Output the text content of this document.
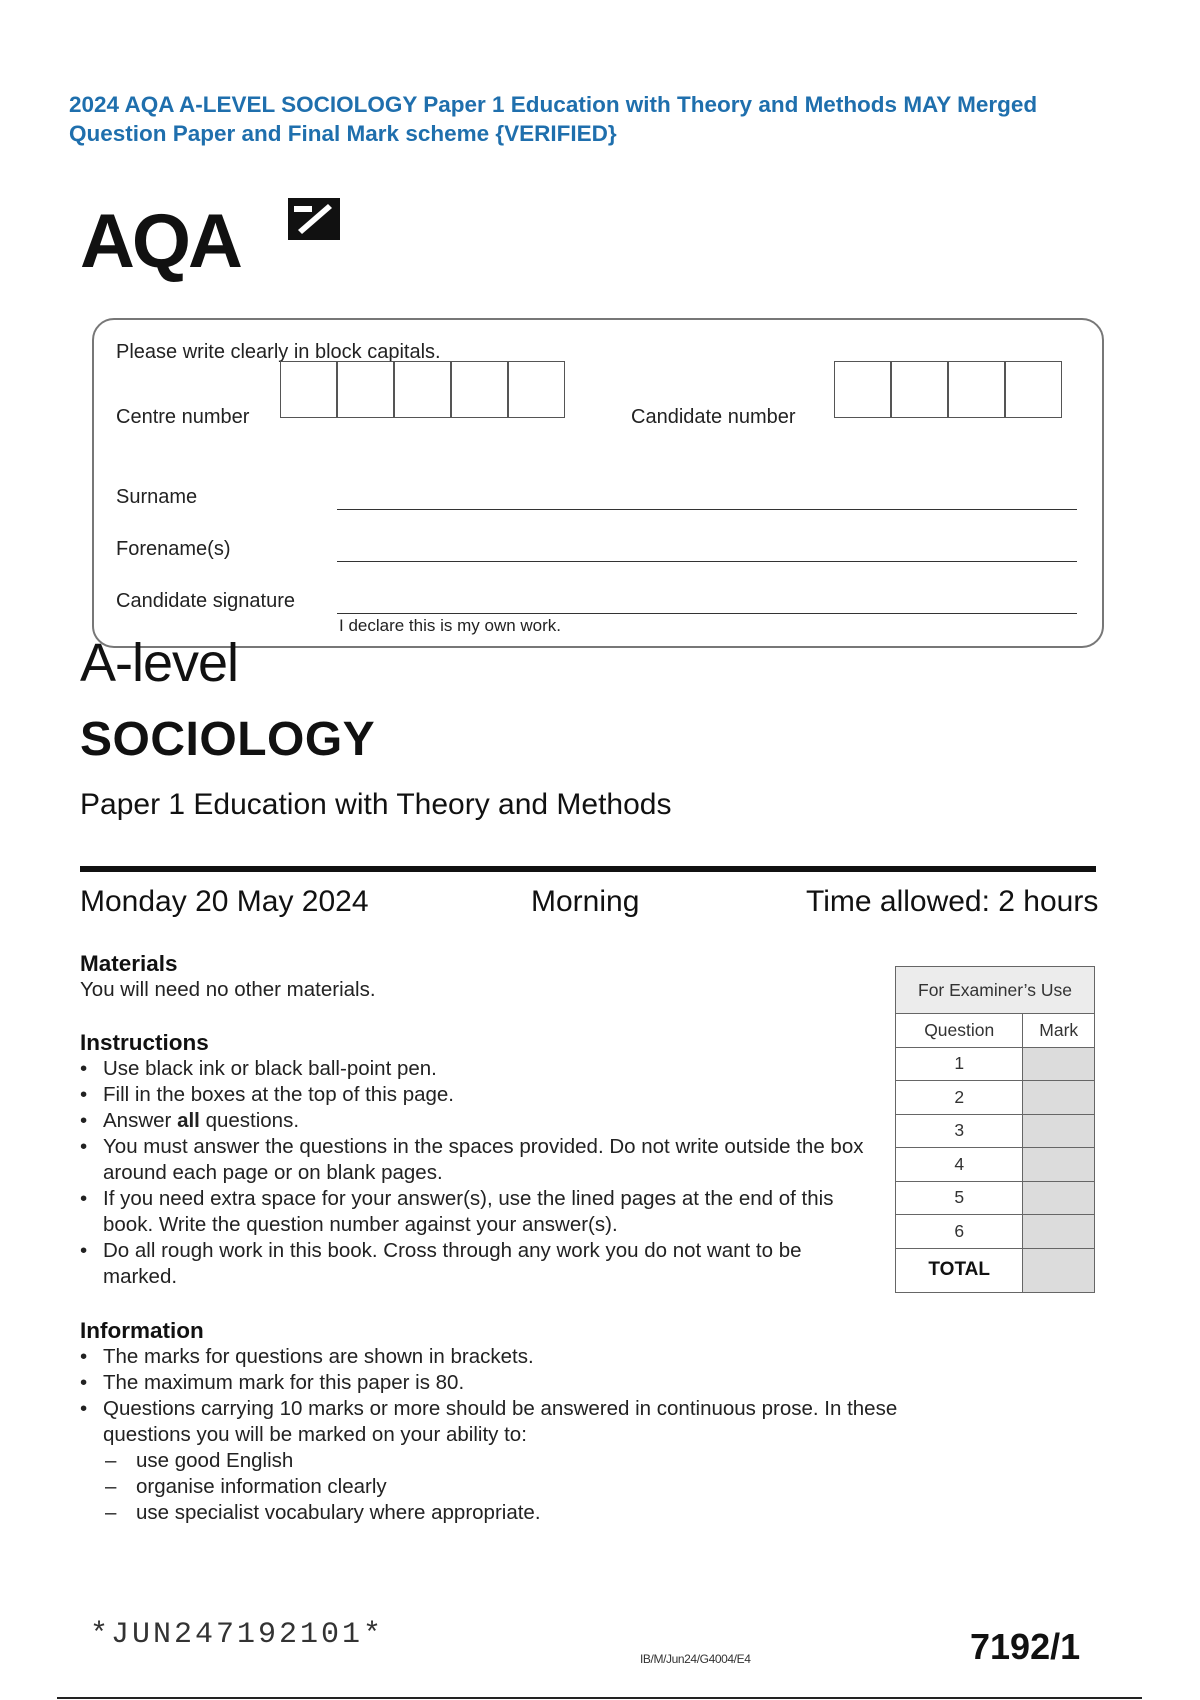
2024 AQA A-LEVEL SOCIOLOGY Paper 1 Education with Theory and Methods MAY Merged Question Paper and Final Mark scheme {VERIFIED}
AQA
Please write clearly in block capitals.
Centre number	Candidate number
Surname
Forename(s)
Candidate signature
I declare this is my own work.
A-level
SOCIOLOGY
Paper 1 Education with Theory and Methods
Monday 20 May 2024	Morning	Time allowed: 2 hours
Materials
You will need no other materials.
Instructions
• Use black ink or black ball-point pen.
• Fill in the boxes at the top of this page.
• Answer all questions.
• You must answer the questions in the spaces provided. Do not write outside the box around each page or on blank pages.
• If you need extra space for your answer(s), use the lined pages at the end of this book. Write the question number against your answer(s).
• Do all rough work in this book. Cross through any work you do not want to be marked.
Information
• The marks for questions are shown in brackets.
• The maximum mark for this paper is 80.
• Questions carrying 10 marks or more should be answered in continuous prose. In these questions you will be marked on your ability to:
– use good English
– organise information clearly
– use specialist vocabulary where appropriate.
For Examiner’s Use	
Question	Mark
1	
2	
3	
4	
5	
6	
TOTAL	
*JUN247192101*
IB/M/Jun24/G4004/E4	7192/1
